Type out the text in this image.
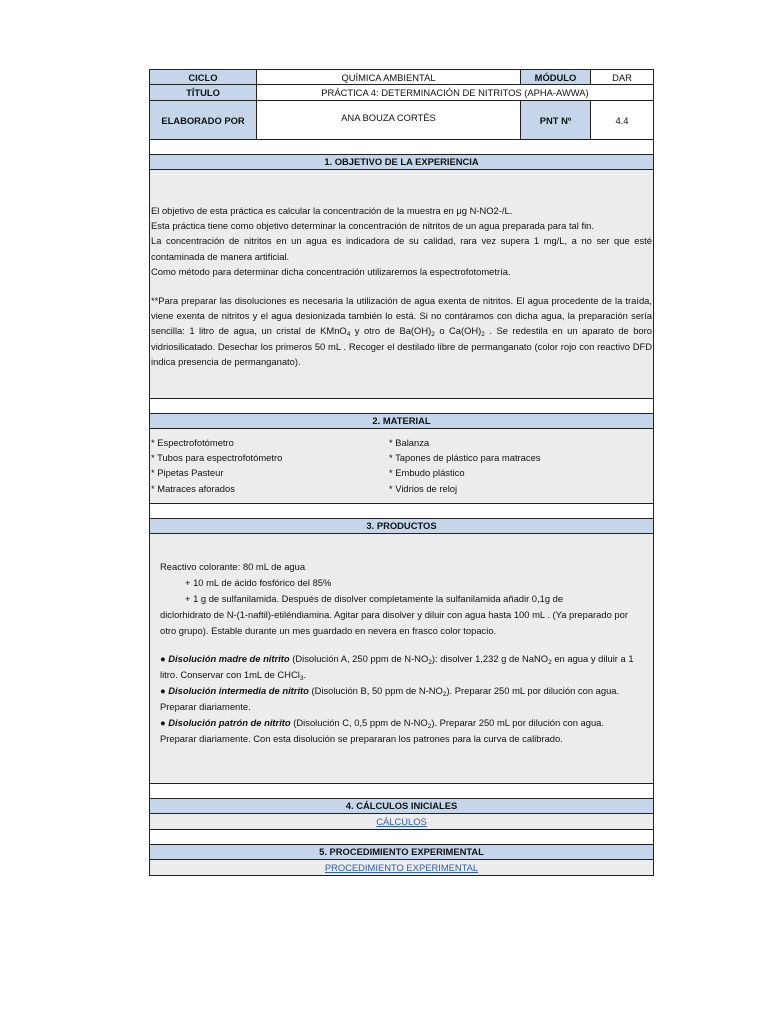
CICLO	QUÍMICA AMBIENTAL	MÓDULO	DAR
TÍTULO	PRÁCTICA 4: DETERMINACIÓN DE NITRITOS (APHA-AWWA)
ELABORADO POR	ANA BOUZA CORTÉS	PNT Nº	4.4
1. OBJETIVO DE LA EXPERIENCIA

El objetivo de esta práctica es calcular la concentración de la muestra en μg N-NO2-/L.

Esta práctica tiene como objetivo determinar la concentración de nitritos de un agua preparada para tal fin.

La concentración de nitritos en un agua es indicadora de su calidad, rara vez supera 1 mg/L, a no ser que esté contaminada de manera artificial.

Como método para determinar dicha concentración utilizaremos la espectrofotometría.

**Para preparar las disoluciones es necesaria la utilización de agua exenta de nitritos. El agua procedente de la traída, viene exenta de nitritos y el agua desionizada también lo está. Si no contáramos con dicha agua, la preparación sería sencilla: 1 litro de agua, un cristal de KMnO$_4$ y otro de $Ba(OH)_2$ o $Ca(OH)_2$ . Se redestila en un aparato de boro vidriosilicatado. Desechar los primeros 50 mL . Recoger el destilado libre de permanganato (color rojo con reactivo DFD indica presencia de permanganato).

2. MATERIAL

* Espectrofotómetro

* Tubos para espectrofotómetro

* Pipetas Pasteur

* Matraces aforados

* Balanza

* Tapones de plástico para matraces

* Embudo plástico

* Vidrios de reloj

3. PRODUCTOS

Reactivo colorante: 80 mL de agua

+ 10 mL de ácido fosfórico del 85%

+ 1 g de sulfanilamida. Después de disolver completamente la sulfanilamida añadir 0,1g de

diclorhidrato de N-(1-naftil)-etiléndiamina. Agitar para disolver y diluir con agua hasta 100 mL . (Ya preparado por otro grupo). Estable durante un mes guardado en nevera en frasco color topacio.

● Disolución madre de nitrito (Disolución A, 250 ppm de $N-NO_2$): disolver 1,232 g de NaNO$_2$ en agua y diluir a 1 litro. Conservar con 1mL de CHCl$_3$.

● Disolución intermedia de nitrito (Disolución B, 50 ppm de $N-NO_2$). Preparar 250 mL por dilución con agua. Preparar diariamente.

● Disolución patrón de nitrito (Disolución C, 0,5 ppm de $N-NO_2$). Preparar 250 mL por dilución con agua. Preparar diariamente. Con esta disolución se prepararan los patrones para la curva de calibrado.

4. CÁLCULOS INICIALES
CÁLCULOS
5. PROCEDIMIENTO EXPERIMENTAL
PROCEDIMIENTO EXPERIMENTAL
